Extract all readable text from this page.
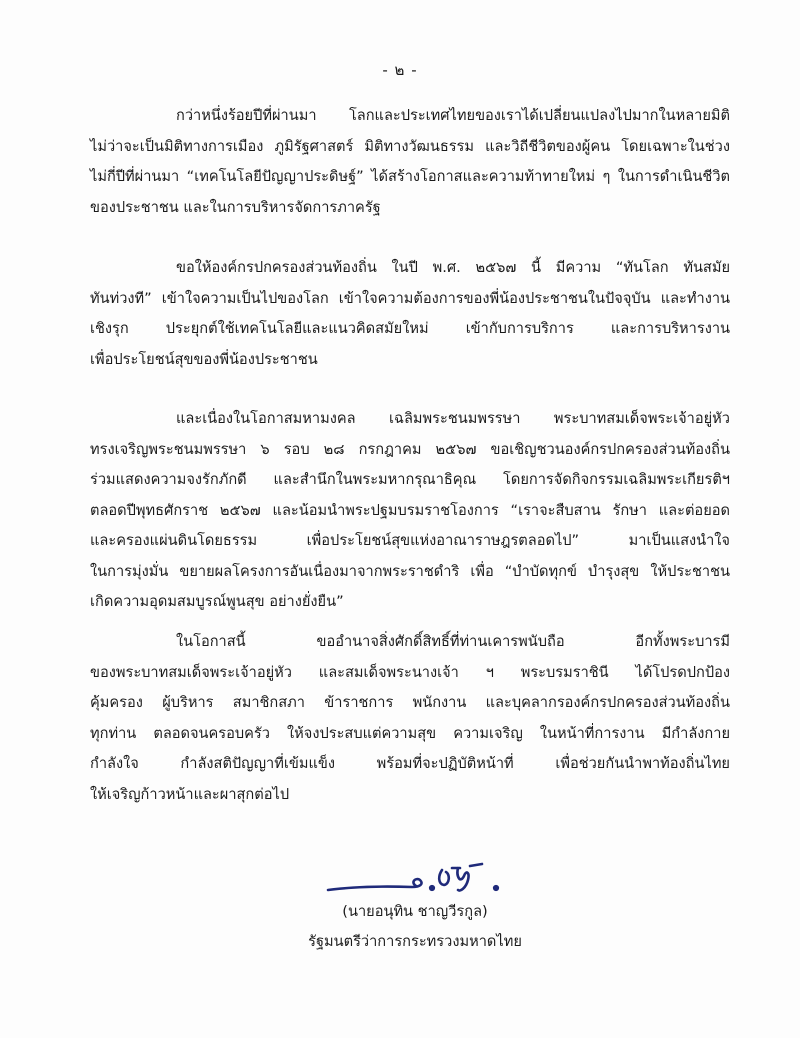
- ๒ -
กว่าหนึ่งร้อยปีที่ผ่านมา โลกและประเทศไทยของเราได้เปลี่ยนแปลงไปมากในหลายมิติ
ไม่ว่าจะเป็นมิติทางการเมือง ภูมิรัฐศาสตร์ มิติทางวัฒนธรรม และวิถีชีวิตของผู้คน โดยเฉพาะในช่วง
ไม่กี่ปีที่ผ่านมา “เทคโนโลยีปัญญาประดิษฐ์” ได้สร้างโอกาสและความท้าทายใหม่ ๆ ในการดำเนินชีวิต
ของประชาชน และในการบริหารจัดการภาครัฐ
ขอให้องค์กรปกครองส่วนท้องถิ่น ในปี พ.ศ. ๒๕๖๗ นี้ มีความ “ทันโลก ทันสมัย
ทันท่วงที” เข้าใจความเป็นไปของโลก เข้าใจความต้องการของพี่น้องประชาชนในปัจจุบัน และทำงาน
เชิงรุก ประยุกต์ใช้เทคโนโลยีและแนวคิดสมัยใหม่ เข้ากับการบริการ และการบริหารงาน
เพื่อประโยชน์สุขของพี่น้องประชาชน
และเนื่องในโอกาสมหามงคล เฉลิมพระชนมพรรษา พระบาทสมเด็จพระเจ้าอยู่หัว
ทรงเจริญพระชนมพรรษา ๖ รอบ ๒๘ กรกฎาคม ๒๕๖๗ ขอเชิญชวนองค์กรปกครองส่วนท้องถิ่น
ร่วมแสดงความจงรักภักดี และสำนึกในพระมหากรุณาธิคุณ โดยการจัดกิจกรรมเฉลิมพระเกียรติฯ
ตลอดปีพุทธศักราช ๒๕๖๗ และน้อมนำพระปฐมบรมราชโองการ “เราจะสืบสาน รักษา และต่อยอด
และครองแผ่นดินโดยธรรม เพื่อประโยชน์สุขแห่งอาณาราษฎรตลอดไป” มาเป็นแสงนำใจ
ในการมุ่งมั่น ขยายผลโครงการอันเนื่องมาจากพระราชดำริ เพื่อ “บำบัดทุกข์ บำรุงสุข ให้ประชาชน
เกิดความอุดมสมบูรณ์พูนสุข อย่างยั่งยืน”
ในโอกาสนี้ ขออำนาจสิ่งศักดิ์สิทธิ์ที่ท่านเคารพนับถือ อีกทั้งพระบารมี
ของพระบาทสมเด็จพระเจ้าอยู่หัว และสมเด็จพระนางเจ้า ฯ พระบรมราชินี ได้โปรดปกป้อง
คุ้มครอง ผู้บริหาร สมาชิกสภา ข้าราชการ พนักงาน และบุคลากรองค์กรปกครองส่วนท้องถิ่น
ทุกท่าน ตลอดจนครอบครัว ให้จงประสบแต่ความสุข ความเจริญ ในหน้าที่การงาน มีกำลังกาย
กำลังใจ กำลังสติปัญญาที่เข้มแข็ง พร้อมที่จะปฏิบัติหน้าที่ เพื่อช่วยกันนำพาท้องถิ่นไทย
ให้เจริญก้าวหน้าและผาสุกต่อไป
(นายอนุทิน ชาญวีรกูล)
รัฐมนตรีว่าการกระทรวงมหาดไทย
